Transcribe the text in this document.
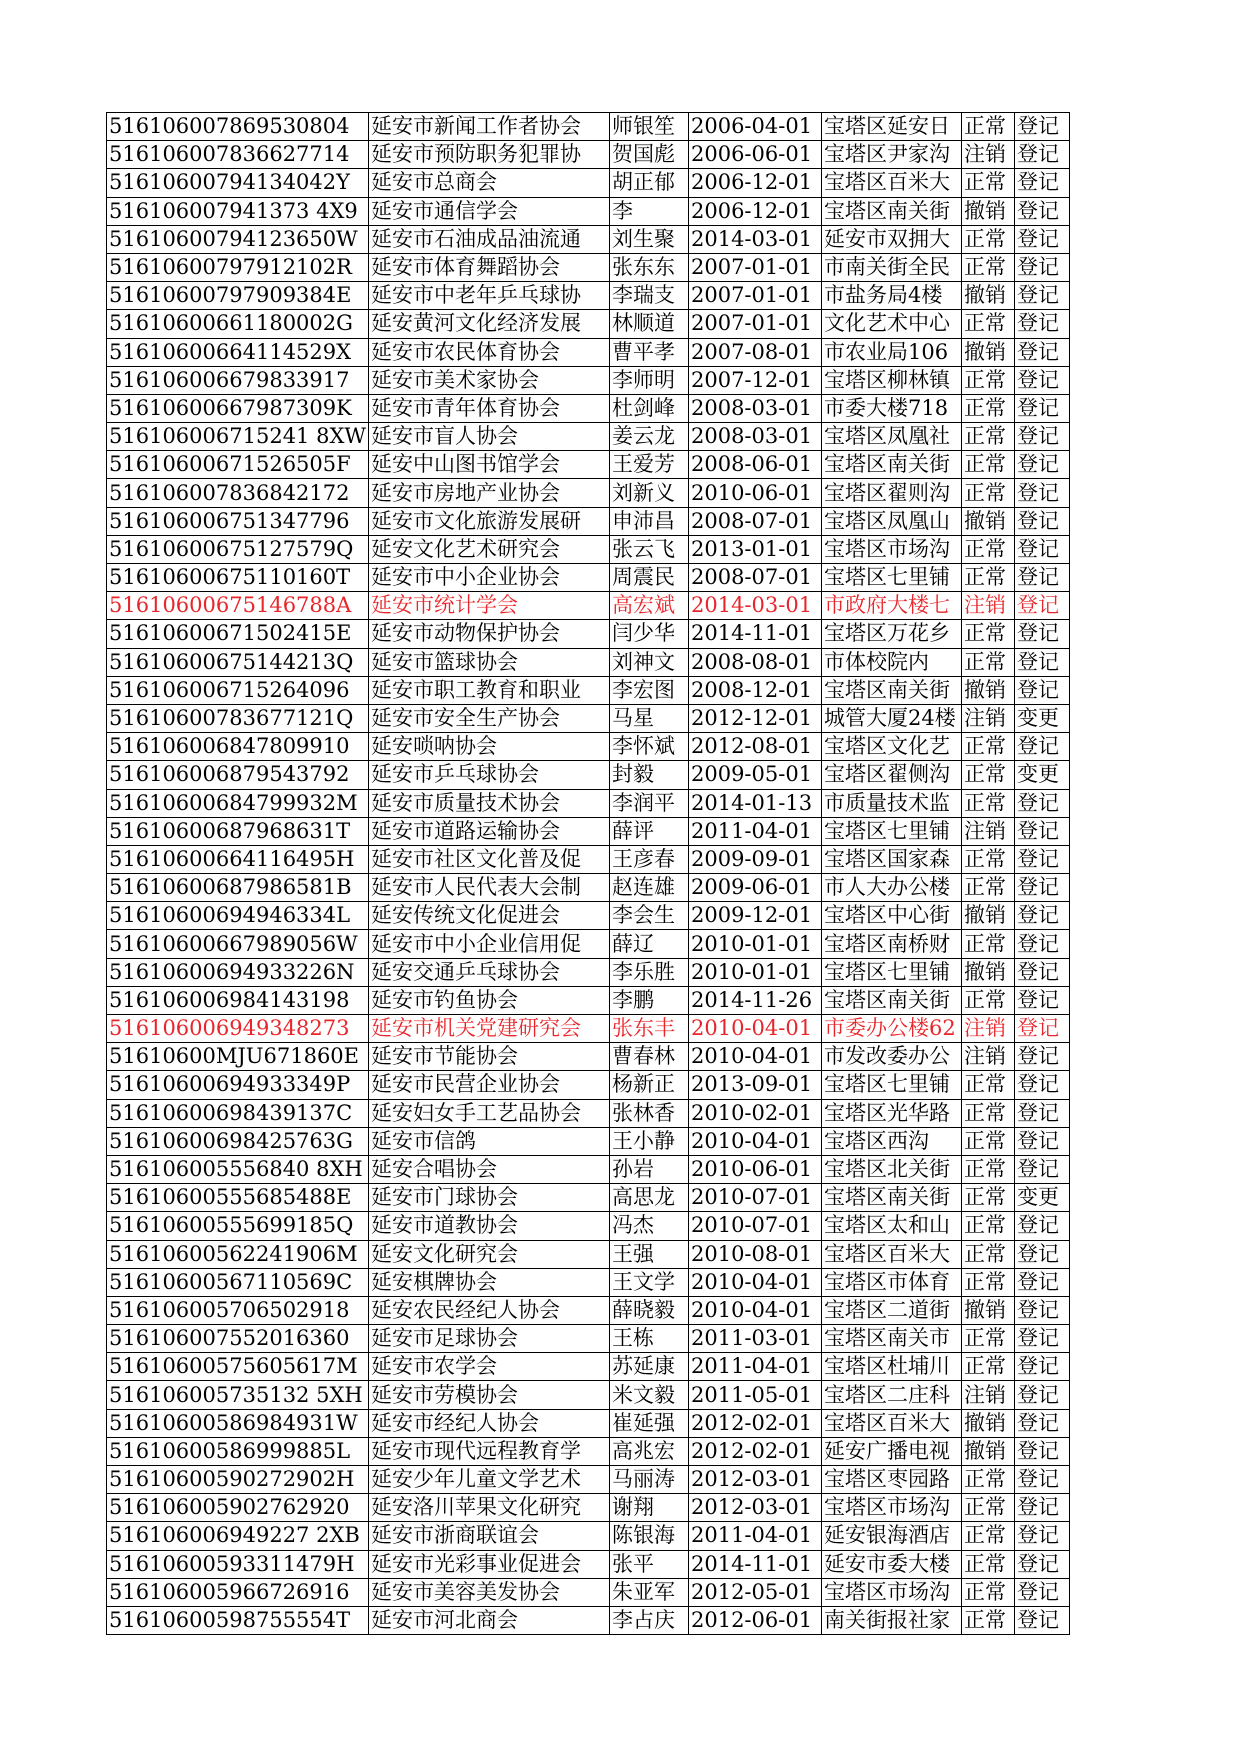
516106007869530804	延安市新闻工作者协会	师银笙	2006-04-01	宝塔区延安日	正常	登记
516106007836627714	延安市预防职务犯罪协	贺国彪	2006-06-01	宝塔区尹家沟	注销	登记
51610600794134042Y	延安市总商会	胡正郁	2006-12-01	宝塔区百米大	正常	登记
516106007941373 4X9	延安市通信学会	李	2006-12-01	宝塔区南关街	撤销	登记
51610600794123650W	延安市石油成品油流通	刘生聚	2014-03-01	延安市双拥大	正常	登记
51610600797912102R	延安市体育舞蹈协会	张东东	2007-01-01	市南关街全民	正常	登记
51610600797909384E	延安市中老年乒乓球协	李瑞支	2007-01-01	市盐务局4楼	撤销	登记
51610600661180002G	延安黄河文化经济发展	林顺道	2007-01-01	文化艺术中心	正常	登记
51610600664114529X	延安市农民体育协会	曹平孝	2007-08-01	市农业局106	撤销	登记
516106006679833917	延安市美术家协会	李师明	2007-12-01	宝塔区柳林镇	正常	登记
51610600667987309K	延安市青年体育协会	杜剑峰	2008-03-01	市委大楼718	正常	登记
516106006715241 8XW	延安市盲人协会	姜云龙	2008-03-01	宝塔区凤凰社	正常	登记
51610600671526505F	延安中山图书馆学会	王爱芳	2008-06-01	宝塔区南关街	正常	登记
516106007836842172	延安市房地产业协会	刘新义	2010-06-01	宝塔区翟则沟	正常	登记
516106006751347796	延安市文化旅游发展研	申沛昌	2008-07-01	宝塔区凤凰山	撤销	登记
51610600675127579Q	延安文化艺术研究会	张云飞	2013-01-01	宝塔区市场沟	正常	登记
51610600675110160T	延安市中小企业协会	周震民	2008-07-01	宝塔区七里铺	正常	登记
51610600675146788A	延安市统计学会	高宏斌	2014-03-01	市政府大楼七	注销	登记
51610600671502415E	延安市动物保护协会	闫少华	2014-11-01	宝塔区万花乡	正常	登记
51610600675144213Q	延安市篮球协会	刘神文	2008-08-01	市体校院内	正常	登记
516106006715264096	延安市职工教育和职业	李宏图	2008-12-01	宝塔区南关街	撤销	登记
51610600783677121Q	延安市安全生产协会	马星	2012-12-01	城管大厦24楼	注销	变更
516106006847809910	延安唢呐协会	李怀斌	2012-08-01	宝塔区文化艺	正常	登记
516106006879543792	延安市乒乓球协会	封毅	2009-05-01	宝塔区翟侧沟	正常	变更
51610600684799932M	延安市质量技术协会	李润平	2014-01-13	市质量技术监	正常	登记
51610600687968631T	延安市道路运输协会	薛评	2011-04-01	宝塔区七里铺	注销	登记
51610600664116495H	延安市社区文化普及促	王彦春	2009-09-01	宝塔区国家森	正常	登记
51610600687986581B	延安市人民代表大会制	赵连雄	2009-06-01	市人大办公楼	正常	登记
51610600694946334L	延安传统文化促进会	李会生	2009-12-01	宝塔区中心街	撤销	登记
51610600667989056W	延安市中小企业信用促	薛辽	2010-01-01	宝塔区南桥财	正常	登记
51610600694933226N	延安交通乒乓球协会	李乐胜	2010-01-01	宝塔区七里铺	撤销	登记
516106006984143198	延安市钓鱼协会	李鹏	2014-11-26	宝塔区南关街	正常	登记
516106006949348273	延安市机关党建研究会	张东丰	2010-04-01	市委办公楼62	注销	登记
51610600MJU671860E	延安市节能协会	曹春林	2010-04-01	市发改委办公	注销	登记
51610600694933349P	延安市民营企业协会	杨新正	2013-09-01	宝塔区七里铺	正常	登记
51610600698439137C	延安妇女手工艺品协会	张林香	2010-02-01	宝塔区光华路	正常	登记
51610600698425763G	延安市信鸽	王小静	2010-04-01	宝塔区西沟	正常	登记
516106005556840 8XH	延安合唱协会	孙岩	2010-06-01	宝塔区北关街	正常	登记
51610600555685488E	延安市门球协会	高思龙	2010-07-01	宝塔区南关街	正常	变更
51610600555699185Q	延安市道教协会	冯杰	2010-07-01	宝塔区太和山	正常	登记
51610600562241906M	延安文化研究会	王强	2010-08-01	宝塔区百米大	正常	登记
51610600567110569C	延安棋牌协会	王文学	2010-04-01	宝塔区市体育	正常	登记
516106005706502918	延安农民经纪人协会	薛晓毅	2010-04-01	宝塔区二道街	撤销	登记
516106007552016360	延安市足球协会	王栋	2011-03-01	宝塔区南关市	正常	登记
51610600575605617M	延安市农学会	苏延康	2011-04-01	宝塔区杜埔川	正常	登记
516106005735132 5XH	延安市劳模协会	米文毅	2011-05-01	宝塔区二庄科	注销	登记
51610600586984931W	延安市经纪人协会	崔延强	2012-02-01	宝塔区百米大	撤销	登记
51610600586999885L	延安市现代远程教育学	高兆宏	2012-02-01	延安广播电视	撤销	登记
51610600590272902H	延安少年儿童文学艺术	马丽涛	2012-03-01	宝塔区枣园路	正常	登记
516106005902762920	延安洛川苹果文化研究	谢翔	2012-03-01	宝塔区市场沟	正常	登记
516106006949227 2XB	延安市浙商联谊会	陈银海	2011-04-01	延安银海酒店	正常	登记
51610600593311479H	延安市光彩事业促进会	张平	2014-11-01	延安市委大楼	正常	登记
516106005966726916	延安市美容美发协会	朱亚军	2012-05-01	宝塔区市场沟	正常	登记
51610600598755554T	延安市河北商会	李占庆	2012-06-01	南关街报社家	正常	登记
